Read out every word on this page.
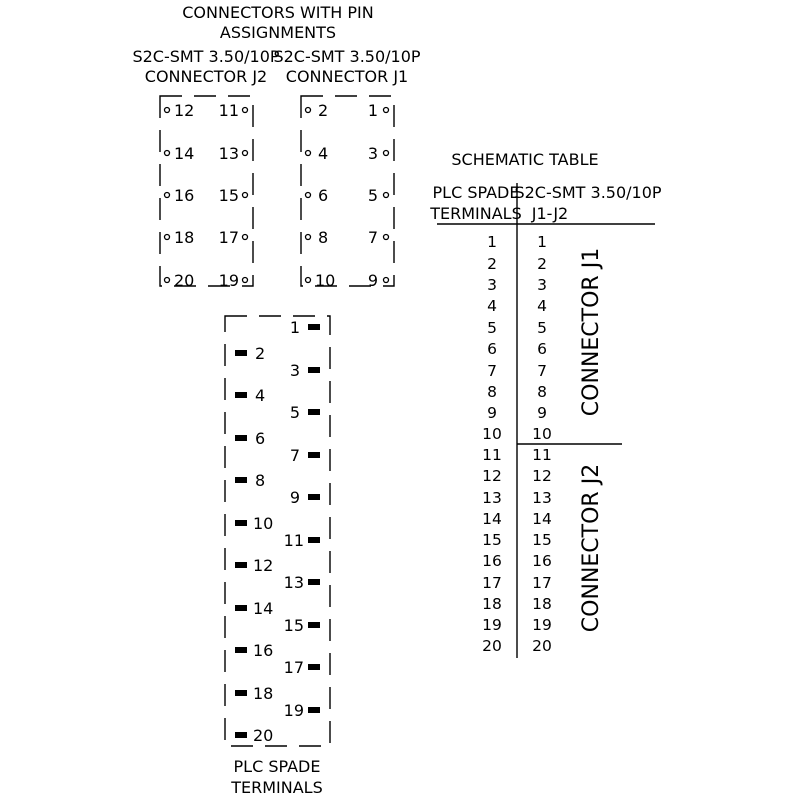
CONNECTORS WITH PIN
ASSIGNMENTS
S2C-SMT 3.50/10P
CONNECTOR J2
12
14
16
18
20
11
13
15
17
19
S2C-SMT 3.50/10P
CONNECTOR J1
2
4
6
8
10
1
3
5
7
9
1
3
5
7
9
11
13
15
17
19
2
4
6
8
10
12
14
16
18
20
PLC SPADE
TERMINALS
SCHEMATIC TABLE
PLC SPADE
TERMINALS
S2C-SMT 3.50/10P
J1-J2
1	1
2	2
3	3
4	4
5	5
6	6
7	7
8	8
9	9
10 10
11 11
12 12
13 13
14 14
15 15
16 16
17 17
18 18
19 19
20 20
CONNECTOR J1
CONNECTOR J2
